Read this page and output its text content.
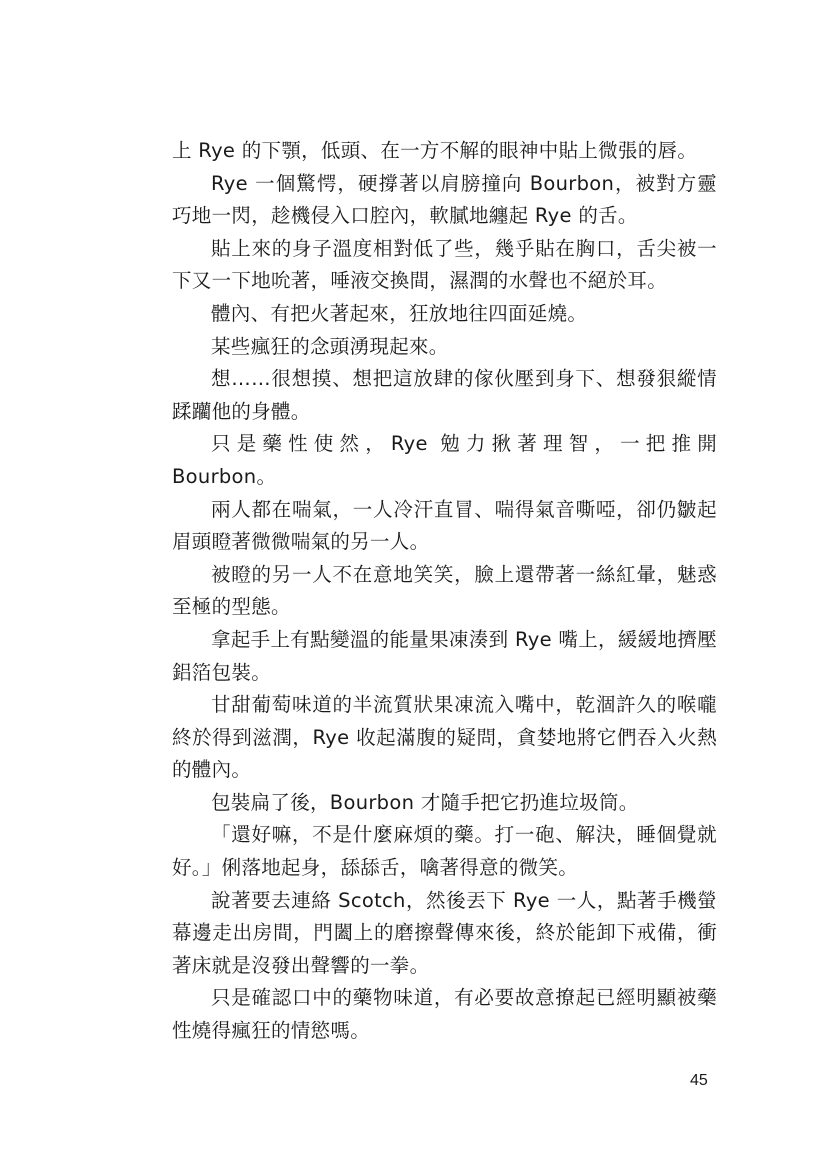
上 Rye 的下顎，低頭、在一方不解的眼神中貼上微張的唇。

Rye 一個驚愕，硬撐著以肩膀撞向 Bourbon，被對方靈巧地一閃，趁機侵入口腔內，軟膩地纏起 Rye 的舌。

貼上來的身子溫度相對低了些，幾乎貼在胸口，舌尖被一下又一下地吮著，唾液交換間，濕潤的水聲也不絕於耳。

體內、有把火著起來，狂放地往四面延燒。

某些瘋狂的念頭湧現起來。

想……很想摸、想把這放肆的傢伙壓到身下、想發狠縱情蹂躪他的身體。

只是藥性使然，Rye 勉力揪著理智，一把推開 Bourbon。

兩人都在喘氣，一人冷汗直冒、喘得氣音嘶啞，卻仍皺起眉頭瞪著微微喘氣的另一人。

被瞪的另一人不在意地笑笑，臉上還帶著一絲紅暈，魅惑至極的型態。

拿起手上有點變溫的能量果凍湊到 Rye 嘴上，緩緩地擠壓鋁箔包裝。

甘甜葡萄味道的半流質狀果凍流入嘴中，乾涸許久的喉嚨終於得到滋潤，Rye 收起滿腹的疑問，貪婪地將它們吞入火熱的體內。

包裝扁了後，Bourbon 才隨手把它扔進垃圾筒。

「還好嘛，不是什麼麻煩的藥。打一砲、解決，睡個覺就好。」俐落地起身，舔舔舌，噙著得意的微笑。

說著要去連絡 Scotch，然後丟下 Rye 一人，點著手機螢幕邊走出房間，門闔上的磨擦聲傳來後，終於能卸下戒備，衝著床就是沒發出聲響的一拳。

只是確認口中的藥物味道，有必要故意撩起已經明顯被藥性燒得瘋狂的情慾嗎。

45
